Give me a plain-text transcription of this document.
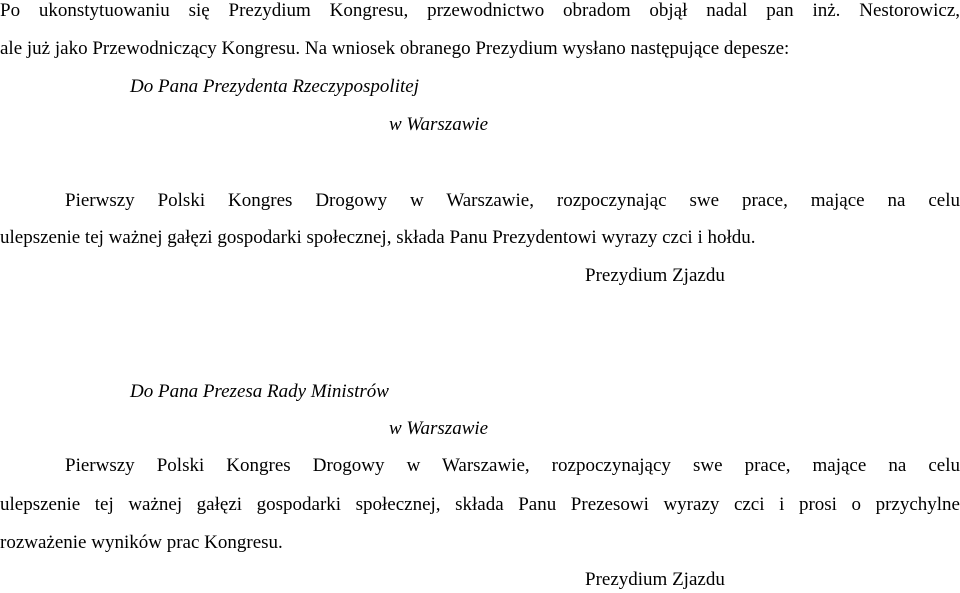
Po ukonstytuowaniu się Prezydium Kongresu, przewodnictwo obradom objął nadal pan inż. Nestorowicz,
ale już jako Przewodniczący Kongresu. Na wniosek obranego Prezydium wysłano następujące depesze:
Do Pana Prezydenta Rzeczypospolitej
w Warszawie
Pierwszy Polski Kongres Drogowy w Warszawie, rozpoczynając swe prace, mające na celu
ulepszenie tej ważnej gałęzi gospodarki społecznej, składa Panu Prezydentowi wyrazy czci i hołdu.
Prezydium Zjazdu
Do Pana Prezesa Rady Ministrów
w Warszawie
Pierwszy Polski Kongres Drogowy w Warszawie, rozpoczynający swe prace, mające na celu
ulepszenie tej ważnej gałęzi gospodarki społecznej, składa Panu Prezesowi wyrazy czci i prosi o przychylne
rozważenie wyników prac Kongresu.
Prezydium Zjazdu
